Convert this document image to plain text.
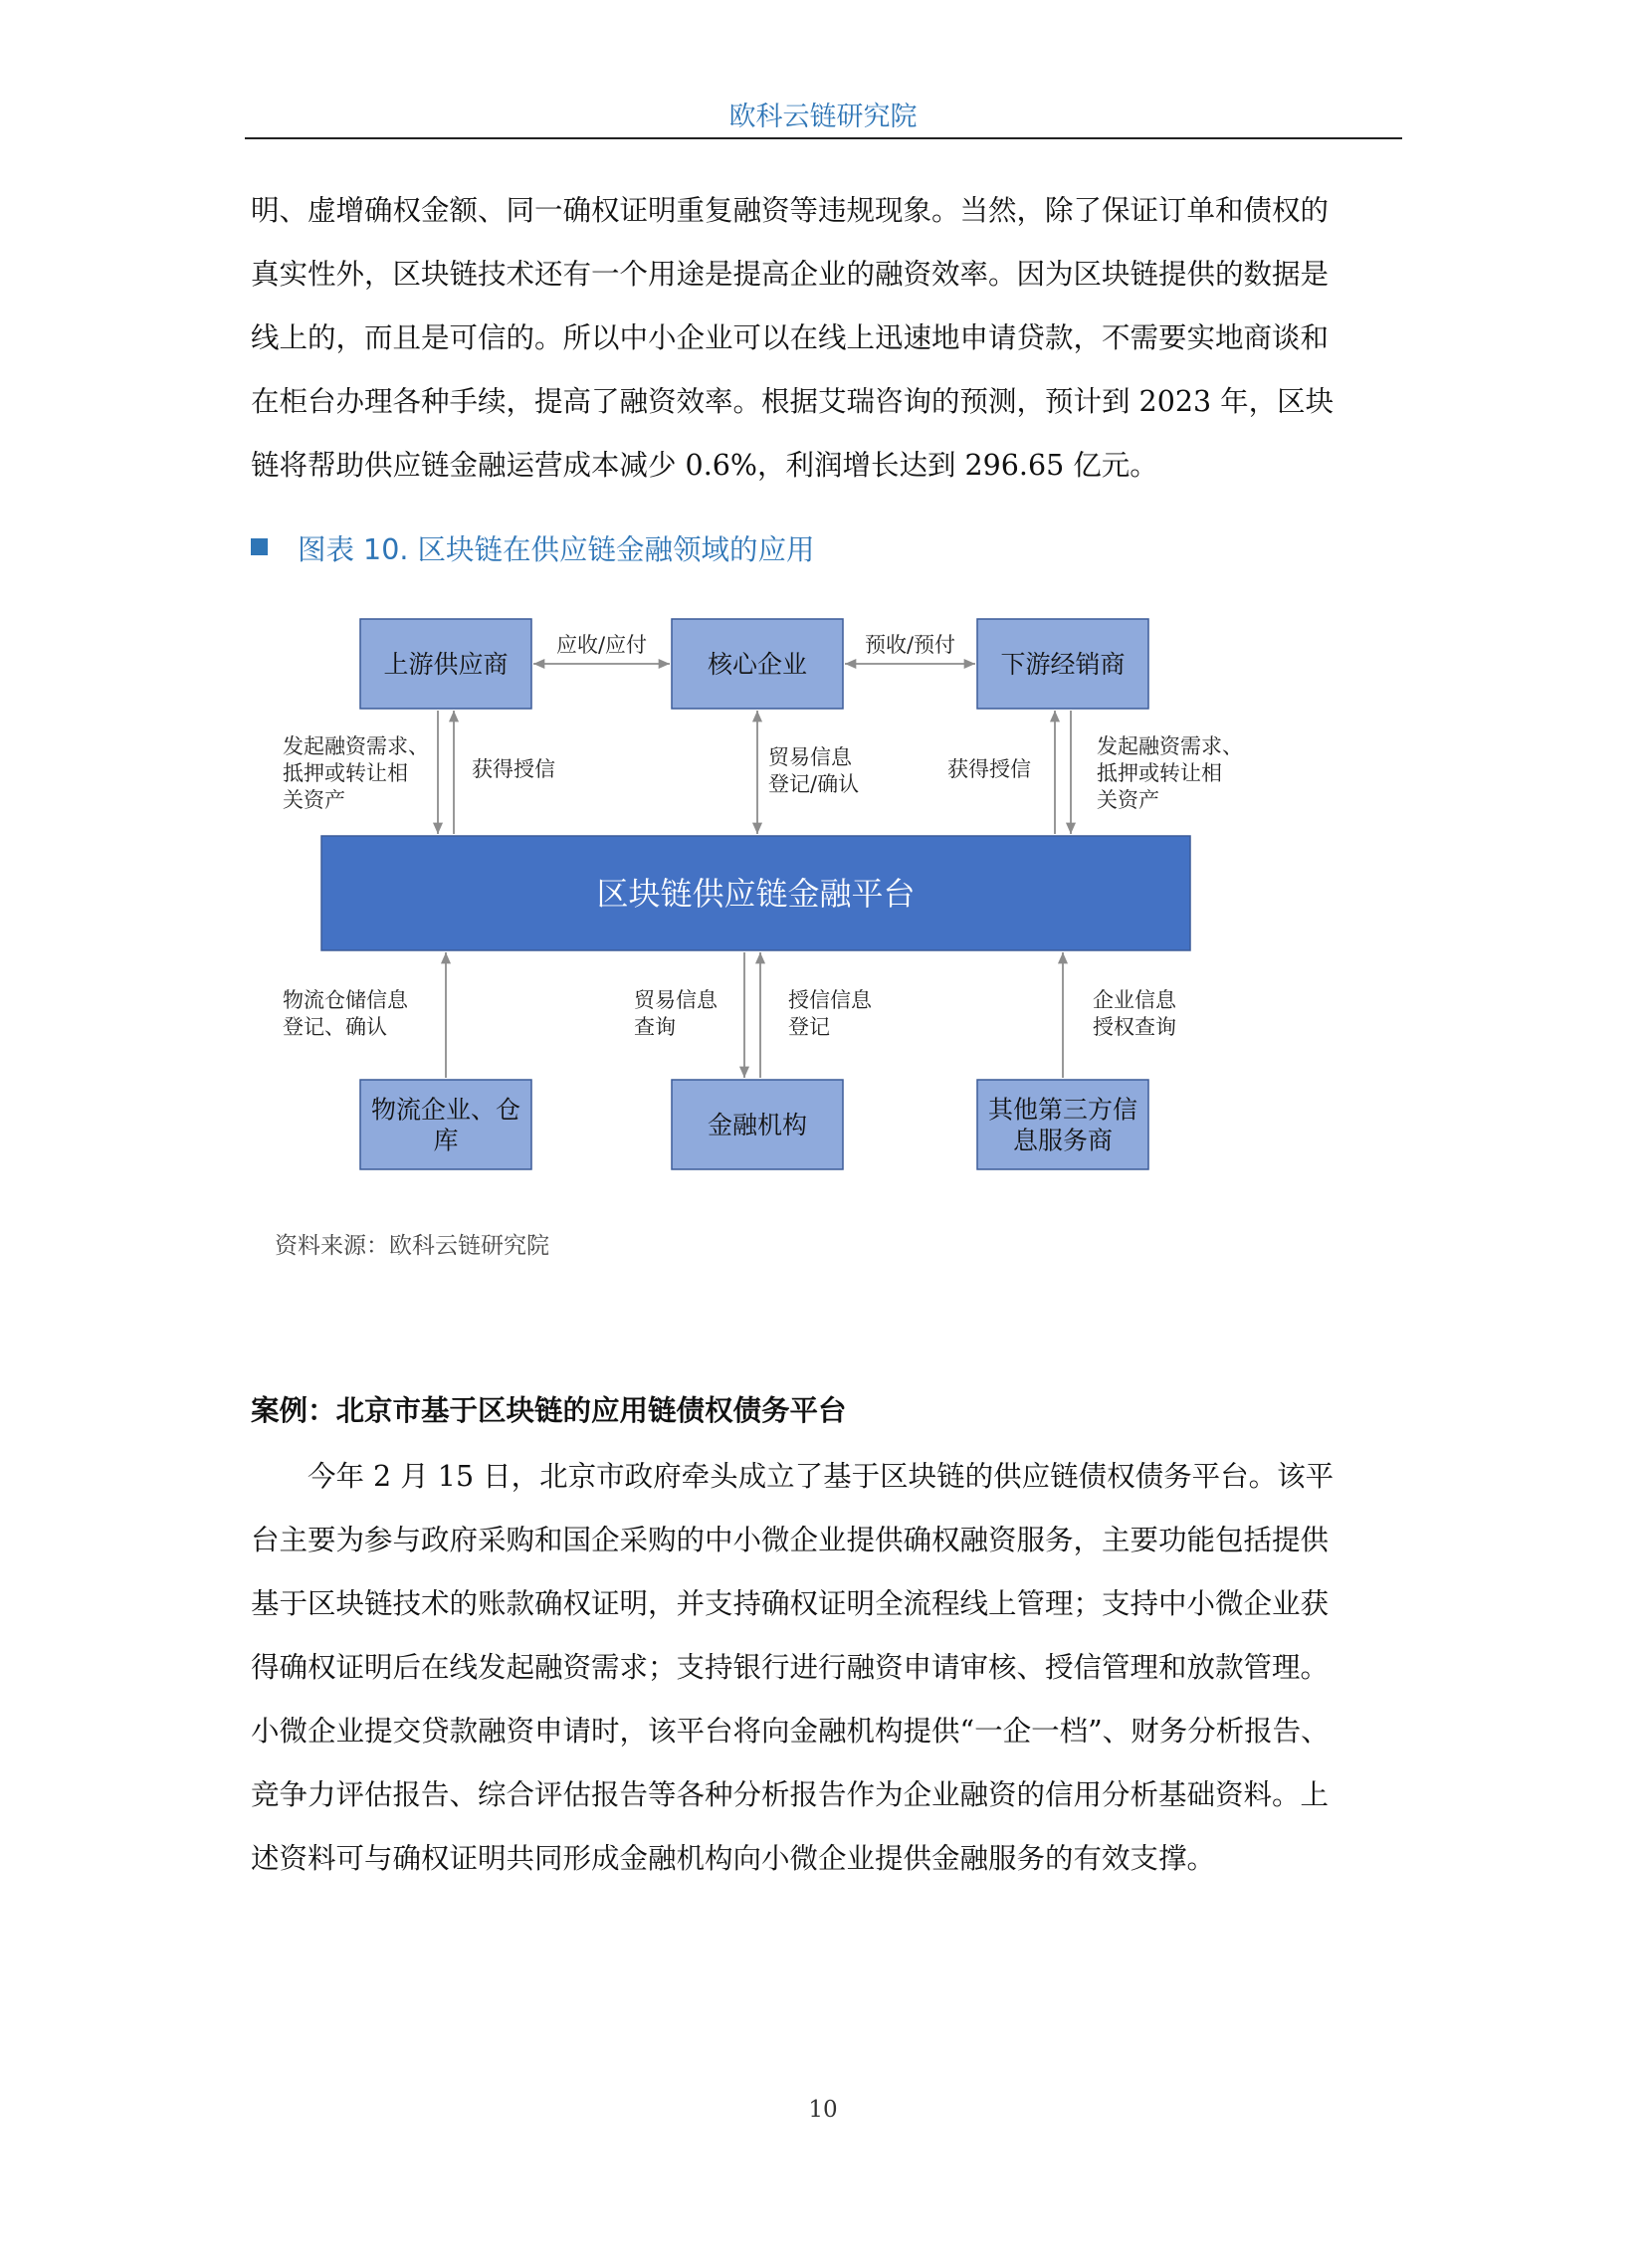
欧科云链研究院
明、虚增确权金额、同一确权证明重复融资等违规现象。当然，除了保证订单和债权的
真实性外，区块链技术还有一个用途是提高企业的融资效率。因为区块链提供的数据是
线上的，而且是可信的。所以中小企业可以在线上迅速地申请贷款，不需要实地商谈和
在柜台办理各种手续，提高了融资效率。根据艾瑞咨询的预测，预计到 2023 年，区块
链将帮助供应链金融运营成本减少 0.6%，利润增长达到 296.65 亿元。
图表 10. 区块链在供应链金融领域的应用
上游供应商	核心企业	下游经销商
区块链供应链金融平台
物流企业、仓库
金融机构
其他第三方信息服务商
应收/应付	预收/预付
发起融资需求、抵押或转让相关资产
获得授信	贸易信息登记/确认
获得授信
发起融资需求、抵押或转让相关资产
物流仓储信息登记、确认
贸易信息查询
授信信息登记
企业信息授权查询
资料来源：欧科云链研究院
案例：北京市基于区块链的应用链债权债务平台
今年 2 月 15 日，北京市政府牵头成立了基于区块链的供应链债权债务平台。该平
台主要为参与政府采购和国企采购的中小微企业提供确权融资服务，主要功能包括提供
基于区块链技术的账款确权证明，并支持确权证明全流程线上管理；支持中小微企业获
得确权证明后在线发起融资需求；支持银行进行融资申请审核、授信管理和放款管理。
小微企业提交贷款融资申请时，该平台将向金融机构提供“一企一档”、财务分析报告、
竞争力评估报告、综合评估报告等各种分析报告作为企业融资的信用分析基础资料。上
述资料可与确权证明共同形成金融机构向小微企业提供金融服务的有效支撑。
10
